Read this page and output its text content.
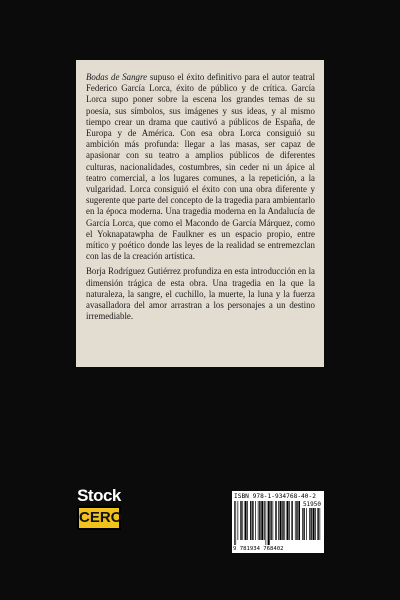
Bodas de Sangre supuso el éxito definitivo para el autor teatral Federico García Lorca, éxito de público y de crítica. García Lorca supo poner sobre la escena los grandes temas de su poesía, sus símbolos, sus imágenes y sus ideas, y al mismo tiempo crear un drama que cautivó a públicos de España, de Europa y de América. Con esa obra Lorca consiguió su ambición más profunda: llegar a las masas, ser capaz de apasionar con su teatro a amplios públicos de diferentes culturas, nacionalidades, costumbres, sin ceder ni un ápice al teatro comercial, a los lugares comunes, a la repetición, a la vulgaridad. Lorca consiguió el éxito con una obra diferente y sugerente que parte del concepto de la tragedia para ambientarlo en la época moderna. Una tragedia moderna en la Andalucía de García Lorca, que como el Macondo de García Márquez, como el Yoknapatawpha de Faulkner es un espacio propio, entre mítico y poético donde las leyes de la realidad se entremezclan con las de la creación artística.

Borja Rodríguez Gutiérrez profundiza en esta introducción en la dimensión trágica de esta obra. Una tragedia en la que la naturaleza, la sangre, el cuchillo, la muerte, la luna y la fuerza avasalladora del amor arrastran a los personajes a un destino irremediable.

Stock
CERO
ISBN 978-1-934768-40-2
51950
9 781934 768402
